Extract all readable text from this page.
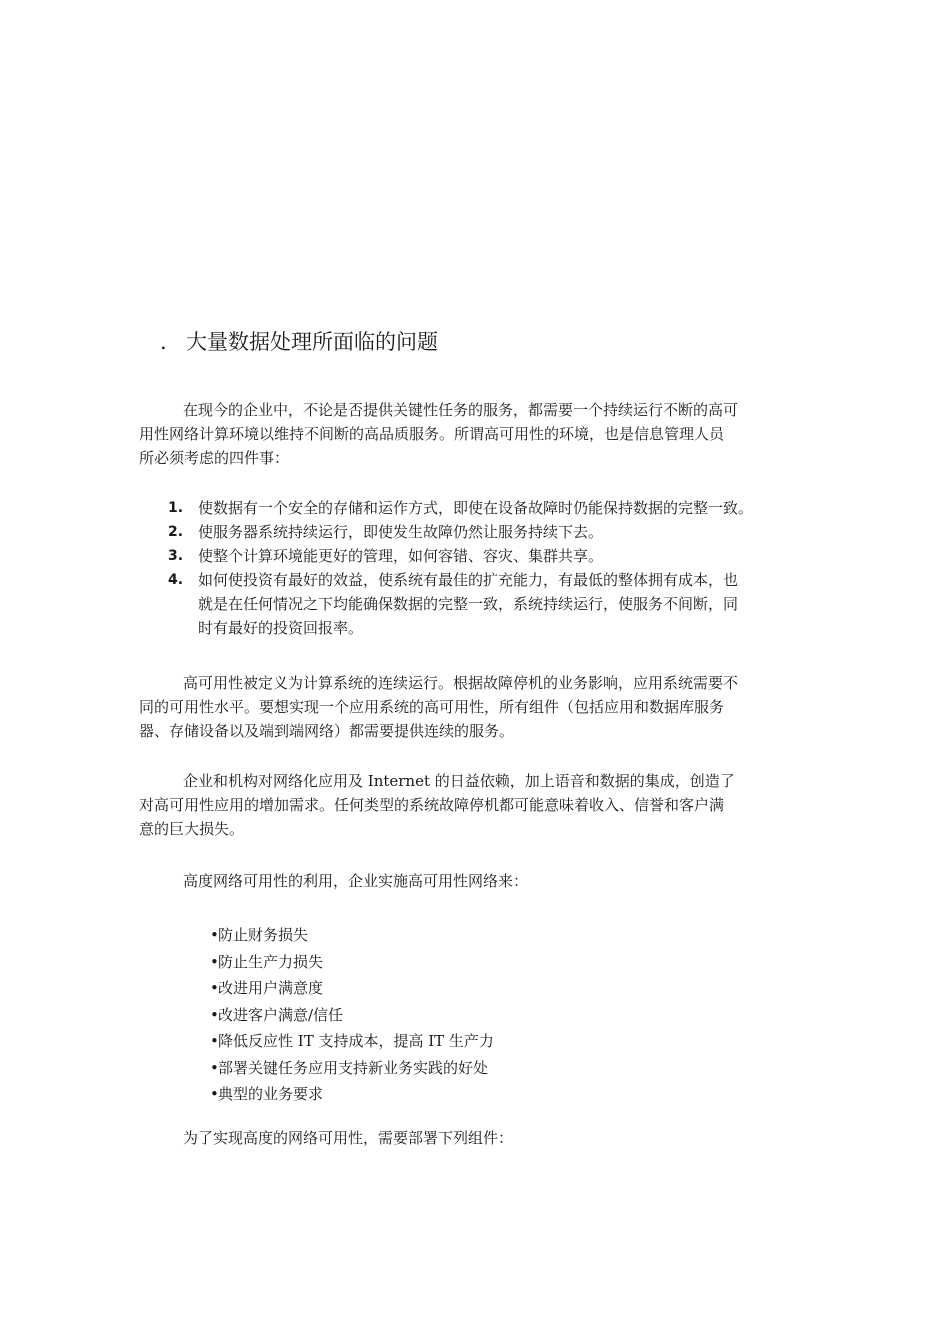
. 大量数据处理所面临的问题

在现今的企业中，不论是否提供关键性任务的服务，都需要一个持续运行不断的高可
用性网络计算环境以维持不间断的高品质服务。所谓高可用性的环境，也是信息管理人员
所必须考虑的四件事：

1. 使数据有一个安全的存储和运作方式，即使在设备故障时仍能保持数据的完整一致。
2. 使服务器系统持续运行，即使发生故障仍然让服务持续下去。
3. 使整个计算环境能更好的管理，如何容错、容灾、集群共享。
4. 如何使投资有最好的效益，使系统有最佳的扩充能力，有最低的整体拥有成本，也
就是在任何情况之下均能确保数据的完整一致，系统持续运行，使服务不间断，同
时有最好的投资回报率。

高可用性被定义为计算系统的连续运行。根据故障停机的业务影响，应用系统需要不
同的可用性水平。要想实现一个应用系统的高可用性，所有组件（包括应用和数据库服务
器、存储设备以及端到端网络）都需要提供连续的服务。

企业和机构对网络化应用及 Internet 的日益依赖，加上语音和数据的集成，创造了
对高可用性应用的增加需求。任何类型的系统故障停机都可能意味着收入、信誉和客户满
意的巨大损失。

高度网络可用性的利用，企业实施高可用性网络来：

•防止财务损失
•防止生产力损失
•改进用户满意度
•改进客户满意/信任
•降低反应性 IT 支持成本，提高 IT 生产力
•部署关键任务应用支持新业务实践的好处
•典型的业务要求

为了实现高度的网络可用性，需要部署下列组件：
